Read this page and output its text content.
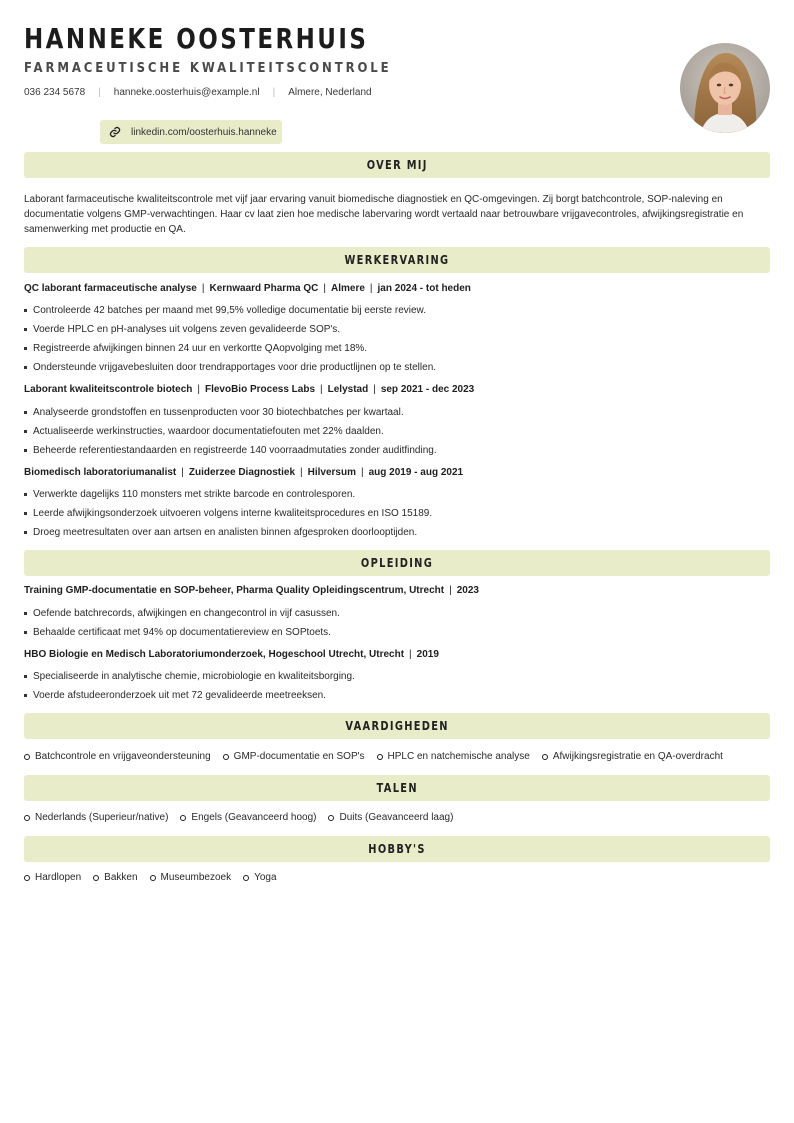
HANNEKE OOSTERHUIS
FARMACEUTISCHE KWALITEITSCONTROLE
036 234 5678 | hanneke.oosterhuis@example.nl | Almere, Nederland
linkedin.com/oosterhuis.hanneke
OVER MIJ

Laborant farmaceutische kwaliteitscontrole met vijf jaar ervaring vanuit biomedische diagnostiek en QC-omgevingen. Zij borgt batchcontrole, SOP-naleving en documentatie volgens GMP-verwachtingen. Haar cv laat zien hoe medische labervaring wordt vertaald naar betrouwbare vrijgavecontroles, afwijkingsregistratie en samenwerking met productie en QA.

WERKERVARING
QC laborant farmaceutische analyse | Kernwaard Pharma QC | Almere | jan 2024 - tot heden
Controleerde 42 batches per maand met 99,5% volledige documentatie bij eerste review.
Voerde HPLC en pH-analyses uit volgens zeven gevalideerde SOP's.
Registreerde afwijkingen binnen 24 uur en verkortte QAopvolging met 18%.
Ondersteunde vrijgavebesluiten door trendrapportages voor drie productlijnen op te stellen.
Laborant kwaliteitscontrole biotech | FlevoBio Process Labs | Lelystad | sep 2021 - dec 2023
Analyseerde grondstoffen en tussenproducten voor 30 biotechbatches per kwartaal.
Actualiseerde werkinstructies, waardoor documentatiefouten met 22% daalden.
Beheerde referentiestandaarden en registreerde 140 voorraadmutaties zonder auditfinding.
Biomedisch laboratoriumanalist | Zuiderzee Diagnostiek | Hilversum | aug 2019 - aug 2021
Verwerkte dagelijks 110 monsters met strikte barcode en controlesporen.
Leerde afwijkingsonderzoek uitvoeren volgens interne kwaliteitsprocedures en ISO 15189.
Droeg meetresultaten over aan artsen en analisten binnen afgesproken doorlooptijden.
OPLEIDING
Training GMP-documentatie en SOP-beheer, Pharma Quality Opleidingscentrum, Utrecht | 2023
Oefende batchrecords, afwijkingen en changecontrol in vijf casussen.
Behaalde certificaat met 94% op documentatiereview en SOPtoets.
HBO Biologie en Medisch Laboratoriumonderzoek, Hogeschool Utrecht, Utrecht | 2019
Specialiseerde in analytische chemie, microbiologie en kwaliteitsborging.
Voerde afstudeeronderzoek uit met 72 gevalideerde meetreeksen.
VAARDIGHEDEN
Batchcontrole en vrijgaveondersteuning GMP-documentatie en SOP's HPLC en natchemische analyse Afwijkingsregistratie en QA-overdracht
TALEN
Nederlands (Superieur/native) Engels (Geavanceerd hoog) Duits (Geavanceerd laag)
HOBBY'S
Hardlopen Bakken Museumbezoek Yoga
